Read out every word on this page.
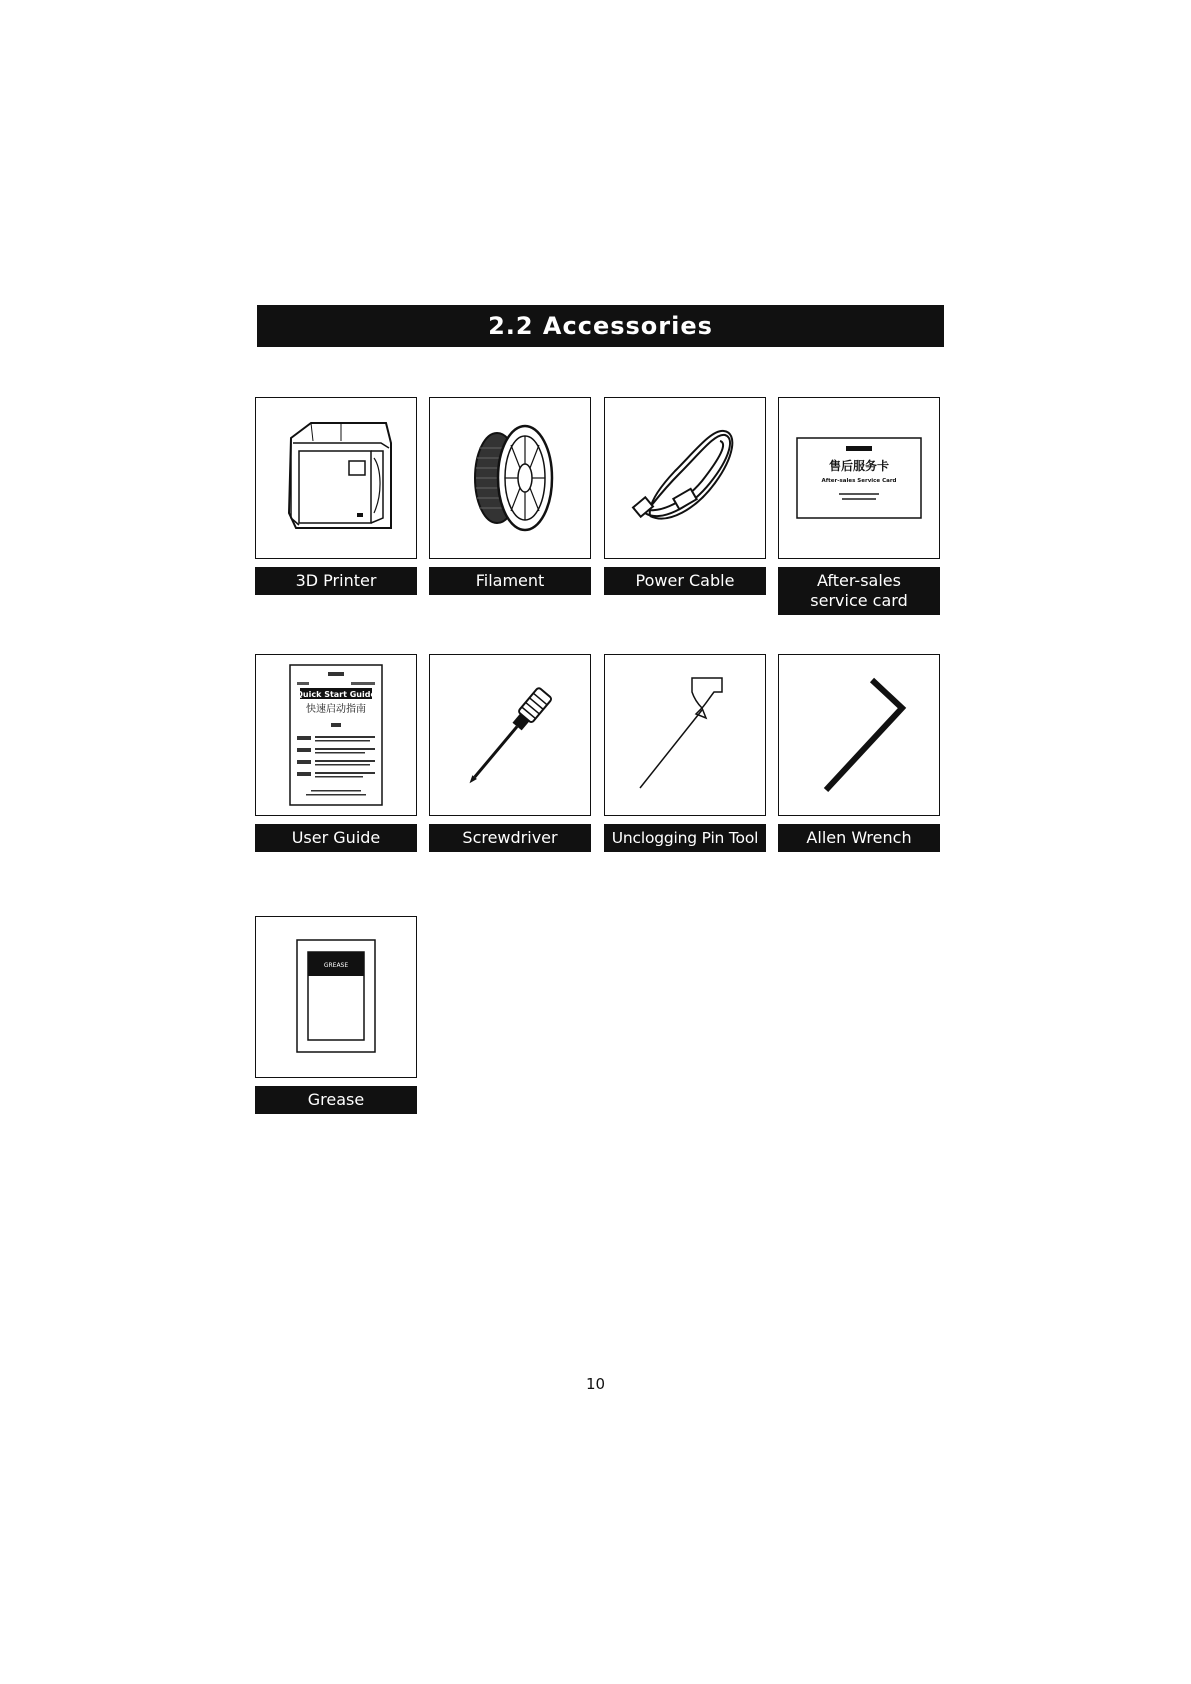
2.2 Accessories
3D Printer	Filament	Power Cable
售后服务卡
After-sales Service Card
After-sales
service card
Quick Start Guide
快速启动指南
User Guide	Screwdriver	Unclogging Pin Tool	Allen Wrench
GREASE
Grease
10
